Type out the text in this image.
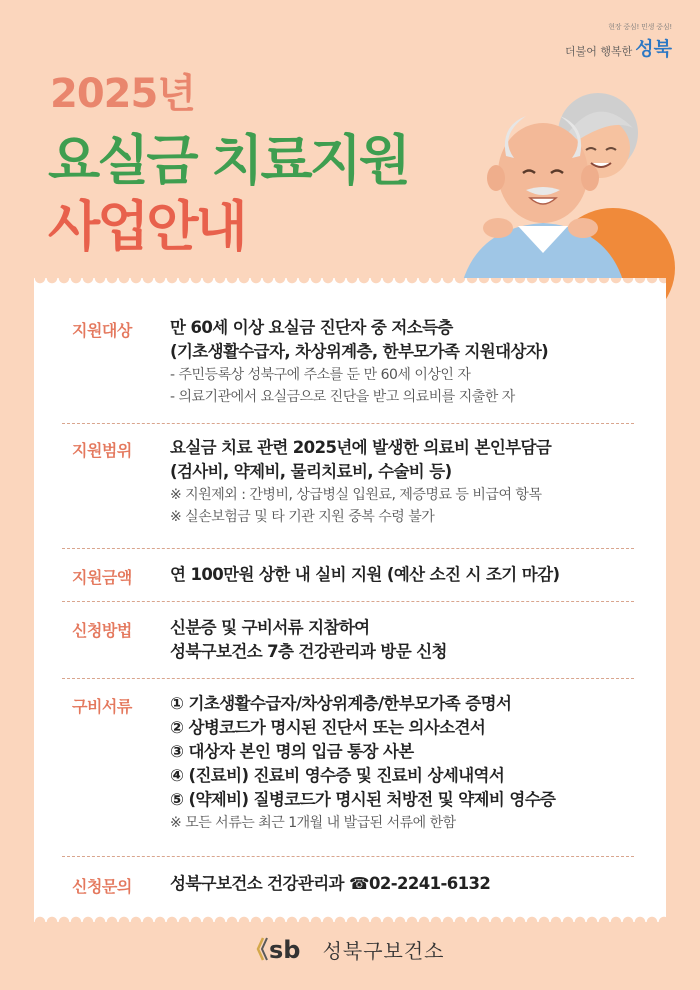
현장 중심! 민생 중심!
더불어 행복한 성북
2025년
요실금 치료지원
사업안내
지원대상 만 60세 이상 요실금 진단자 중 저소득층
(기초생활수급자, 차상위계층, 한부모가족 지원대상자)
- 주민등록상 성북구에 주소를 둔 만 60세 이상인 자
- 의료기관에서 요실금으로 진단을 받고 의료비를 지출한 자
지원범위 요실금 치료 관련 2025년에 발생한 의료비 본인부담금
(검사비, 약제비, 물리치료비, 수술비 등)
※ 지원제외 : 간병비, 상급병실 입원료, 제증명료 등 비급여 항목
※ 실손보험금 및 타 기관 지원 중복 수령 불가
지원금액 연 100만원 상한 내 실비 지원 (예산 소진 시 조기 마감)
신청방법 신분증 및 구비서류 지참하여
성북구보건소 7층 건강관리과 방문 신청
구비서류 ① 기초생활수급자/차상위계층/한부모가족 증명서
② 상병코드가 명시된 진단서 또는 의사소견서
③ 대상자 본인 명의 입금 통장 사본
④ (진료비) 진료비 영수증 및 진료비 상세내역서
⑤ (약제비) 질병코드가 명시된 처방전 및 약제비 영수증
※ 모든 서류는 최근 1개월 내 발급된 서류에 한함
신청문의 성북구보건소 건강관리과 ☎02-2241-6132
sb 성북구보건소
